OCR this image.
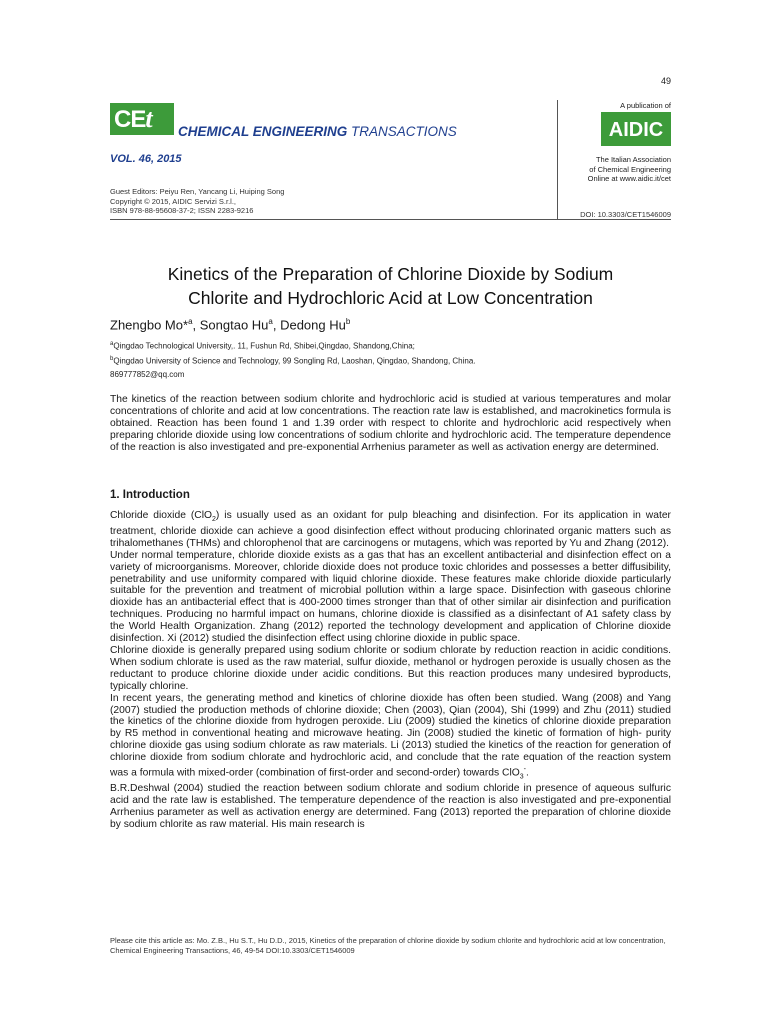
49
CEt	CHEMICAL ENGINEERING TRANSACTIONS
VOL. 46, 2015
Guest Editors: Peiyu Ren, Yancang Li, Huiping Song
Copyright © 2015, AIDIC Servizi S.r.l.,
ISBN 978-88-95608-37-2; ISSN 2283-9216
A publication of
AIDIC
The Italian Association
of Chemical Engineering
Online at www.aidic.it/cet
DOI: 10.3303/CET1546009
Kinetics of the Preparation of Chlorine Dioxide by Sodium
Chlorite and Hydrochloric Acid at Low Concentration
Zhengbo Mo*$^a$, Songtao Hu$^a$, Dedong Hu$^b$
$^a$Qingdao Technological University,. 11, Fushun Rd, Shibei,Qingdao, Shandong,China;
$^b$Qingdao University of Science and Technology, 99 Songling Rd, Laoshan, Qingdao, Shandong, China.
869777852@qq.com
The kinetics of the reaction between sodium chlorite and hydrochloric acid is studied at various temperatures and molar concentrations of chlorite and acid at low concentrations. The reaction rate law is established, and macrokinetics formula is obtained. Reaction has been found 1 and 1.39 order with respect to chlorite and hydrochloric acid respectively when preparing chloride dioxide using low concentrations of sodium chlorite and hydrochloric acid. The temperature dependence of the reaction is also investigated and pre-exponential Arrhenius parameter as well as activation energy are determined.
1. Introduction
Chloride dioxide (ClO$_2$) is usually used as an oxidant for pulp bleaching and disinfection. For its application in water treatment, chloride dioxide can achieve a good disinfection effect without producing chlorinated organic matters such as trihalomethanes (THMs) and chlorophenol that are carcinogens or mutagens, which was reported by Yu and Zhang (2012).
Under normal temperature, chloride dioxide exists as a gas that has an excellent antibacterial and disinfection effect on a variety of microorganisms. Moreover, chloride dioxide does not produce toxic chlorides and possesses a better diffusibility, penetrability and use uniformity compared with liquid chlorine dioxide. These features make chloride dioxide particularly suitable for the prevention and treatment of microbial pollution within a large space. Disinfection with gaseous chlorine dioxide has an antibacterial effect that is 400-2000 times stronger than that of other similar air disinfection and purification techniques. Producing no harmful impact on humans, chlorine dioxide is classified as a disinfectant of A1 safety class by the World Health Organization. Zhang (2012) reported the technology development and application of Chlorine dioxide disinfection. Xi (2012) studied the disinfection effect using chlorine dioxide in public space.
Chlorine dioxide is generally prepared using sodium chlorite or sodium chlorate by reduction reaction in acidic conditions. When sodium chlorate is used as the raw material, sulfur dioxide, methanol or hydrogen peroxide is usually chosen as the reductant to produce chlorine dioxide under acidic conditions. But this reaction produces many undesired byproducts, typically chlorine.
In recent years, the generating method and kinetics of chlorine dioxide has often been studied. Wang (2008) and Yang (2007) studied the production methods of chlorine dioxide; Chen (2003), Qian (2004), Shi (1999) and Zhu (2011) studied the kinetics of the chlorine dioxide from hydrogen peroxide. Liu (2009) studied the kinetics of chlorine dioxide preparation by R5 method in conventional heating and microwave heating. Jin (2008) studied the kinetic of formation of high- purity chlorine dioxide gas using sodium chlorate as raw materials. Li (2013) studied the kinetics of the reaction for generation of chlorine dioxide from sodium chlorate and hydrochloric acid, and conclude that the rate equation of the reaction system was a formula with mixed-order (combination of first-order and second-order) towards ClO$_3$-.
B.R.Deshwal (2004) studied the reaction between sodium chlorate and sodium chloride in presence of aqueous sulfuric acid and the rate law is established. The temperature dependence of the reaction is also investigated and pre-exponential Arrhenius parameter as well as activation energy are determined. Fang (2013) reported the preparation of chlorine dioxide by sodium chlorite as raw material. His main research is
Please cite this article as: Mo. Z.B., Hu S.T., Hu D.D., 2015, Kinetics of the preparation of chlorine dioxide by sodium chlorite and hydrochloric acid at low concentration, Chemical Engineering Transactions, 46, 49-54 DOI:10.3303/CET1546009
